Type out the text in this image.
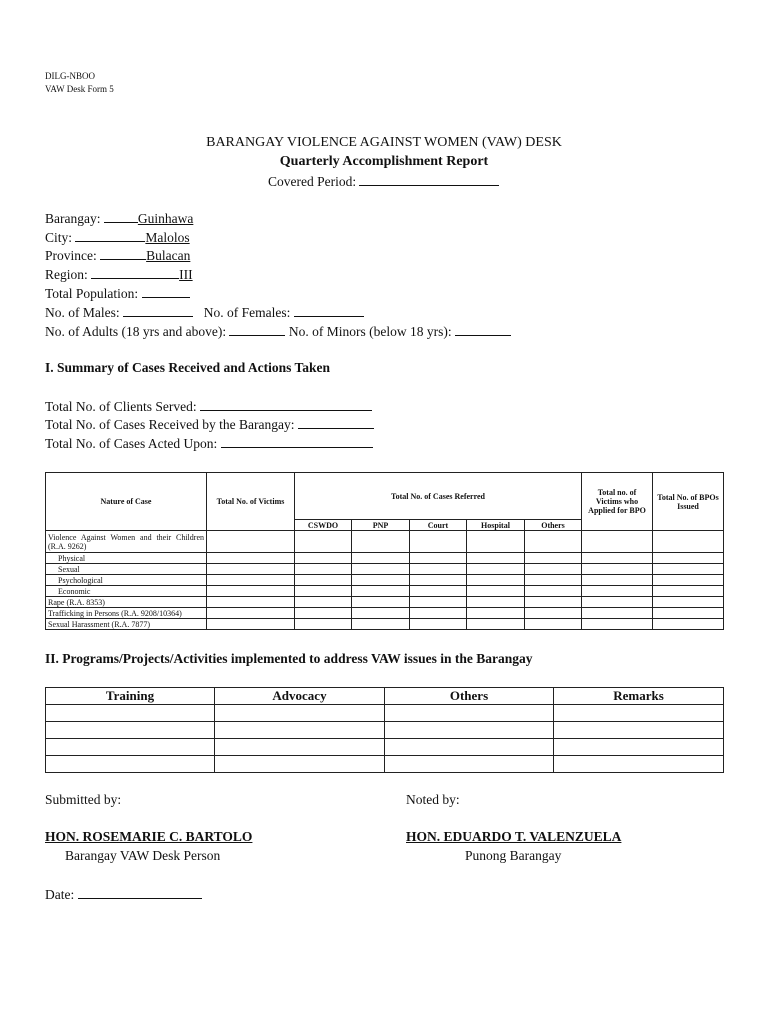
DILG-NBOO
VAW Desk Form 5
BARANGAY VIOLENCE AGAINST WOMEN (VAW) DESK
Quarterly Accomplishment Report
Covered Period:
Barangay:	Guinhawa
City:	Malolos
Province:	Bulacan
Region:	III
Total Population:
No. of Males:	No. of Females:
No. of Adults (18 yrs and above):	No. of Minors (below 18 yrs):
I. Summary of Cases Received and Actions Taken
Total No. of Clients Served:
Total No. of Cases Received by the Barangay:
Total No. of Cases Acted Upon:
Nature of Case	Total No. of Victims	Total No. of Cases Referred					Total no. of Victims who Applied for BPO	Total No. of BPOs Issued
		CSWDO	PNP	Court	Hospital	Others		
Violence Against Women and their Children (R.A. 9262)								
Physical								
Sexual								
Psychological								
Economic								
Rape (R.A. 8353)								
Trafficking in Persons (R.A. 9208/10364)								
Sexual Harassment (R.A. 7877)								
II. Programs/Projects/Activities implemented to address VAW issues in the Barangay
Training	Advocacy	Others	Remarks

Submitted by:	Noted by:
HON. ROSEMARIE C. BARTOLO	HON. EDUARDO T. VALENZUELA
Barangay VAW Desk Person	Punong Barangay
Date:
